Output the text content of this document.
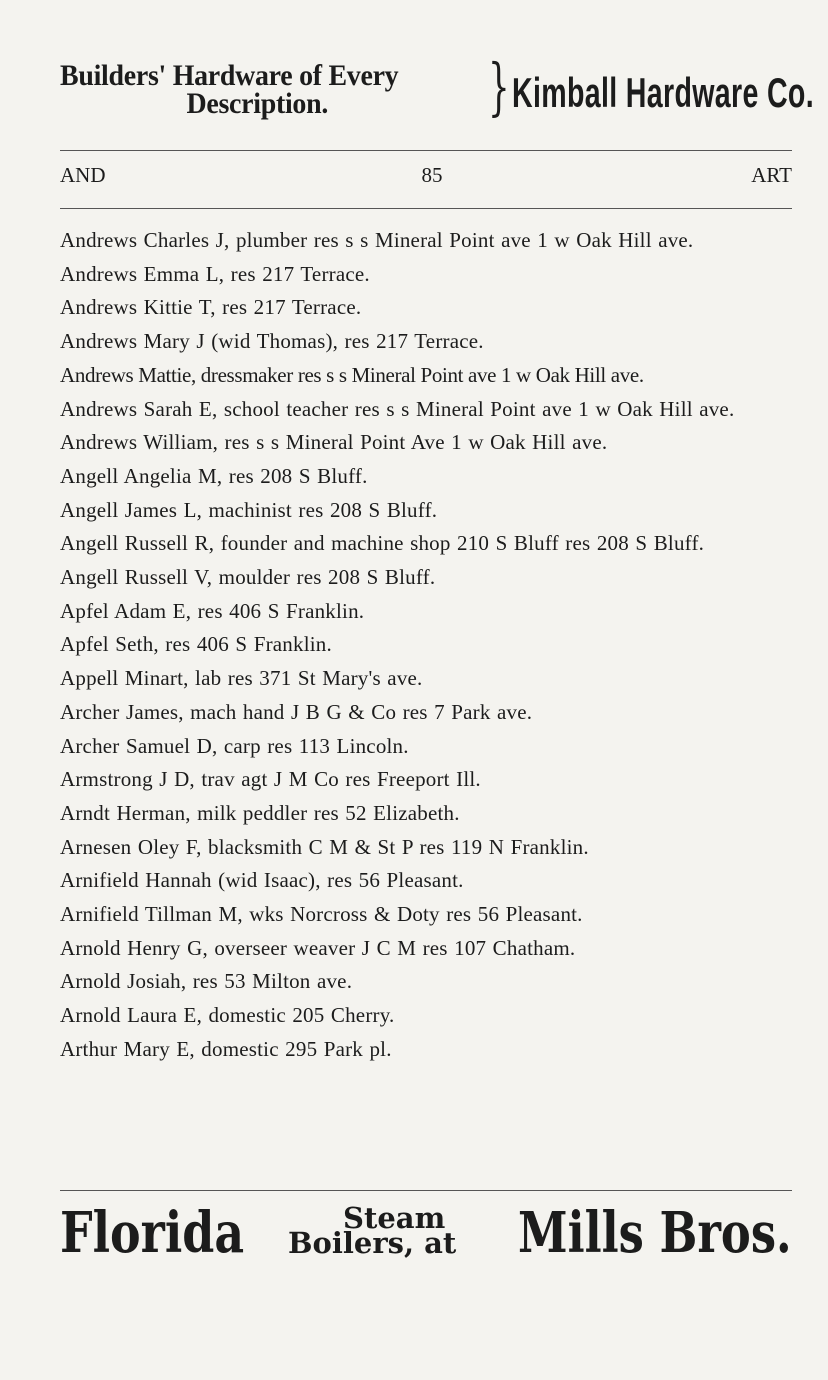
Builders' Hardware of Every
Description.	} Kimball Hardware Co.
AND	85	ART

Andrews Charles J, plumber res s s Mineral Point ave 1 w Oak Hill ave.

Andrews Emma L, res 217 Terrace.

Andrews Kittie T, res 217 Terrace.

Andrews Mary J (wid Thomas), res 217 Terrace.

Andrews Mattie, dressmaker res s s Mineral Point ave 1 w Oak Hill ave.

Andrews Sarah E, school teacher res s s Mineral Point ave 1 w Oak Hill ave.

Andrews William, res s s Mineral Point Ave 1 w Oak Hill ave.

Angell Angelia M, res 208 S Bluff.

Angell James L, machinist res 208 S Bluff.

Angell Russell R, founder and machine shop 210 S Bluff res 208 S Bluff.

Angell Russell V, moulder res 208 S Bluff.

Apfel Adam E, res 406 S Franklin.

Apfel Seth, res 406 S Franklin.

Appell Minart, lab res 371 St Mary's ave.

Archer James, mach hand J B G & Co res 7 Park ave.

Archer Samuel D, carp res 113 Lincoln.

Armstrong J D, trav agt J M Co res Freeport Ill.

Arndt Herman, milk peddler res 52 Elizabeth.

Arnesen Oley F, blacksmith C M & St P res 119 N Franklin.

Arnifield Hannah (wid Isaac), res 56 Pleasant.

Arnifield Tillman M, wks Norcross & Doty res 56 Pleasant.

Arnold Henry G, overseer weaver J C M res 107 Chatham.

Arnold Josiah, res 53 Milton ave.

Arnold Laura E, domestic 205 Cherry.

Arthur Mary E, domestic 295 Park pl.

Florida	Steam
Boilers, at	Mills Bros.
